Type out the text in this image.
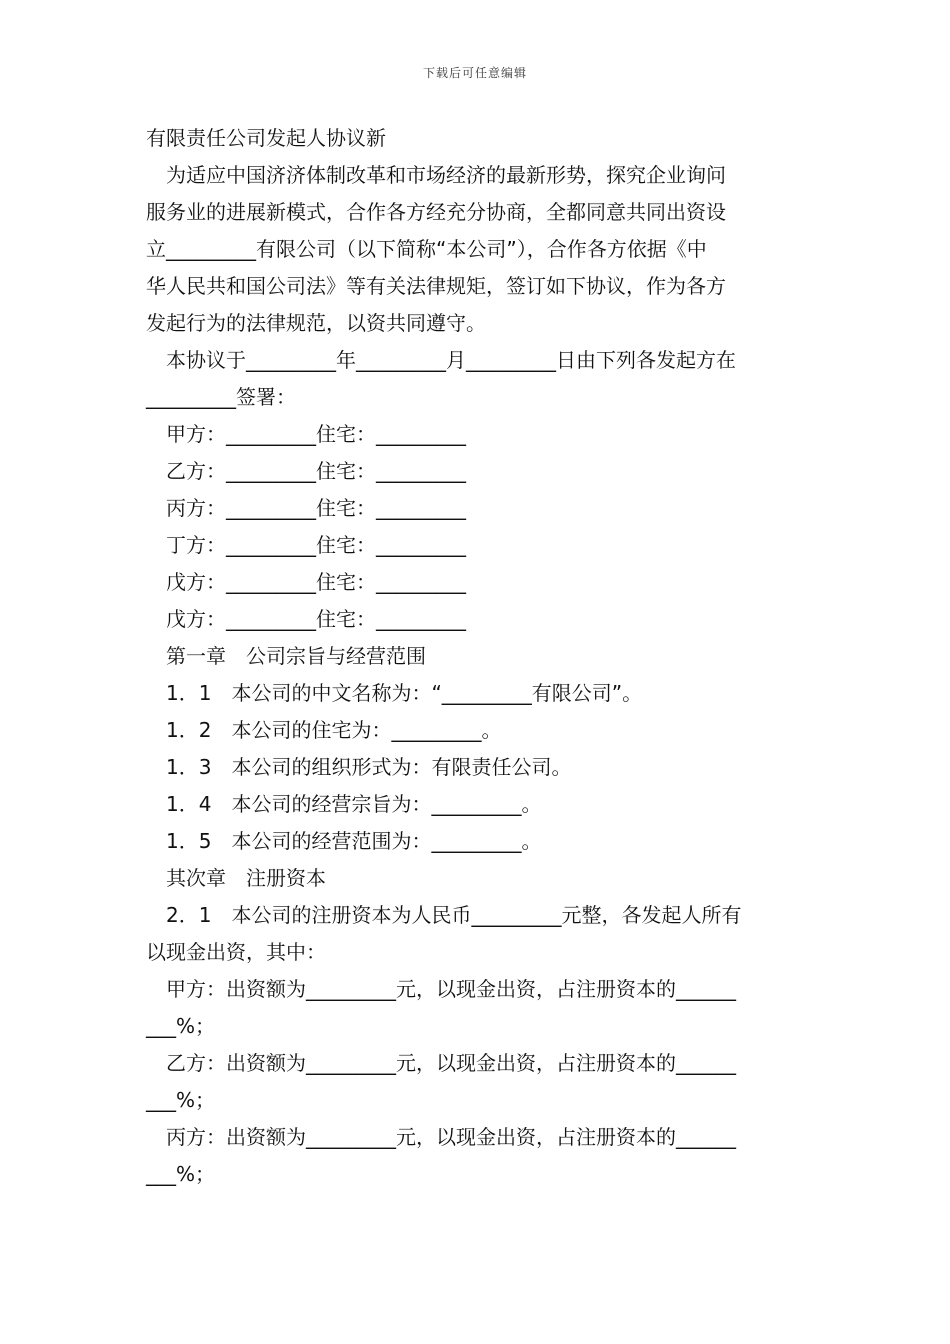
下载后可任意编辑

有限责任公司发起人协议新

为适应中国济济体制改革和市场经济的最新形势，探究企业询问

服务业的进展新模式，合作各方经充分协商，全都同意共同出资设

立_________有限公司（以下简称“本公司”），合作各方依据《中

华人民共和国公司法》等有关法律规矩，签订如下协议，作为各方

发起行为的法律规范，以资共同遵守。

本协议于_________年_________月_________日由下列各发起方在

_________签署：

甲方：_________住宅：_________

乙方：_________住宅：_________

丙方：_________住宅：_________

丁方：_________住宅：_________

戊方：_________住宅：_________

戊方：_________住宅：_________

第一章　公司宗旨与经营范围

1．1　本公司的中文名称为：“_________有限公司”。

1．2　本公司的住宅为：_________。

1．3　本公司的组织形式为：有限责任公司。

1．4　本公司的经营宗旨为：_________。

1．5　本公司的经营范围为：_________。

其次章　注册资本

2．1　本公司的注册资本为人民币_________元整，各发起人所有

以现金出资，其中：

甲方：出资额为_________元，以现金出资，占注册资本的______

___%；

乙方：出资额为_________元，以现金出资，占注册资本的______

___%；

丙方：出资额为_________元，以现金出资，占注册资本的______

___%；
